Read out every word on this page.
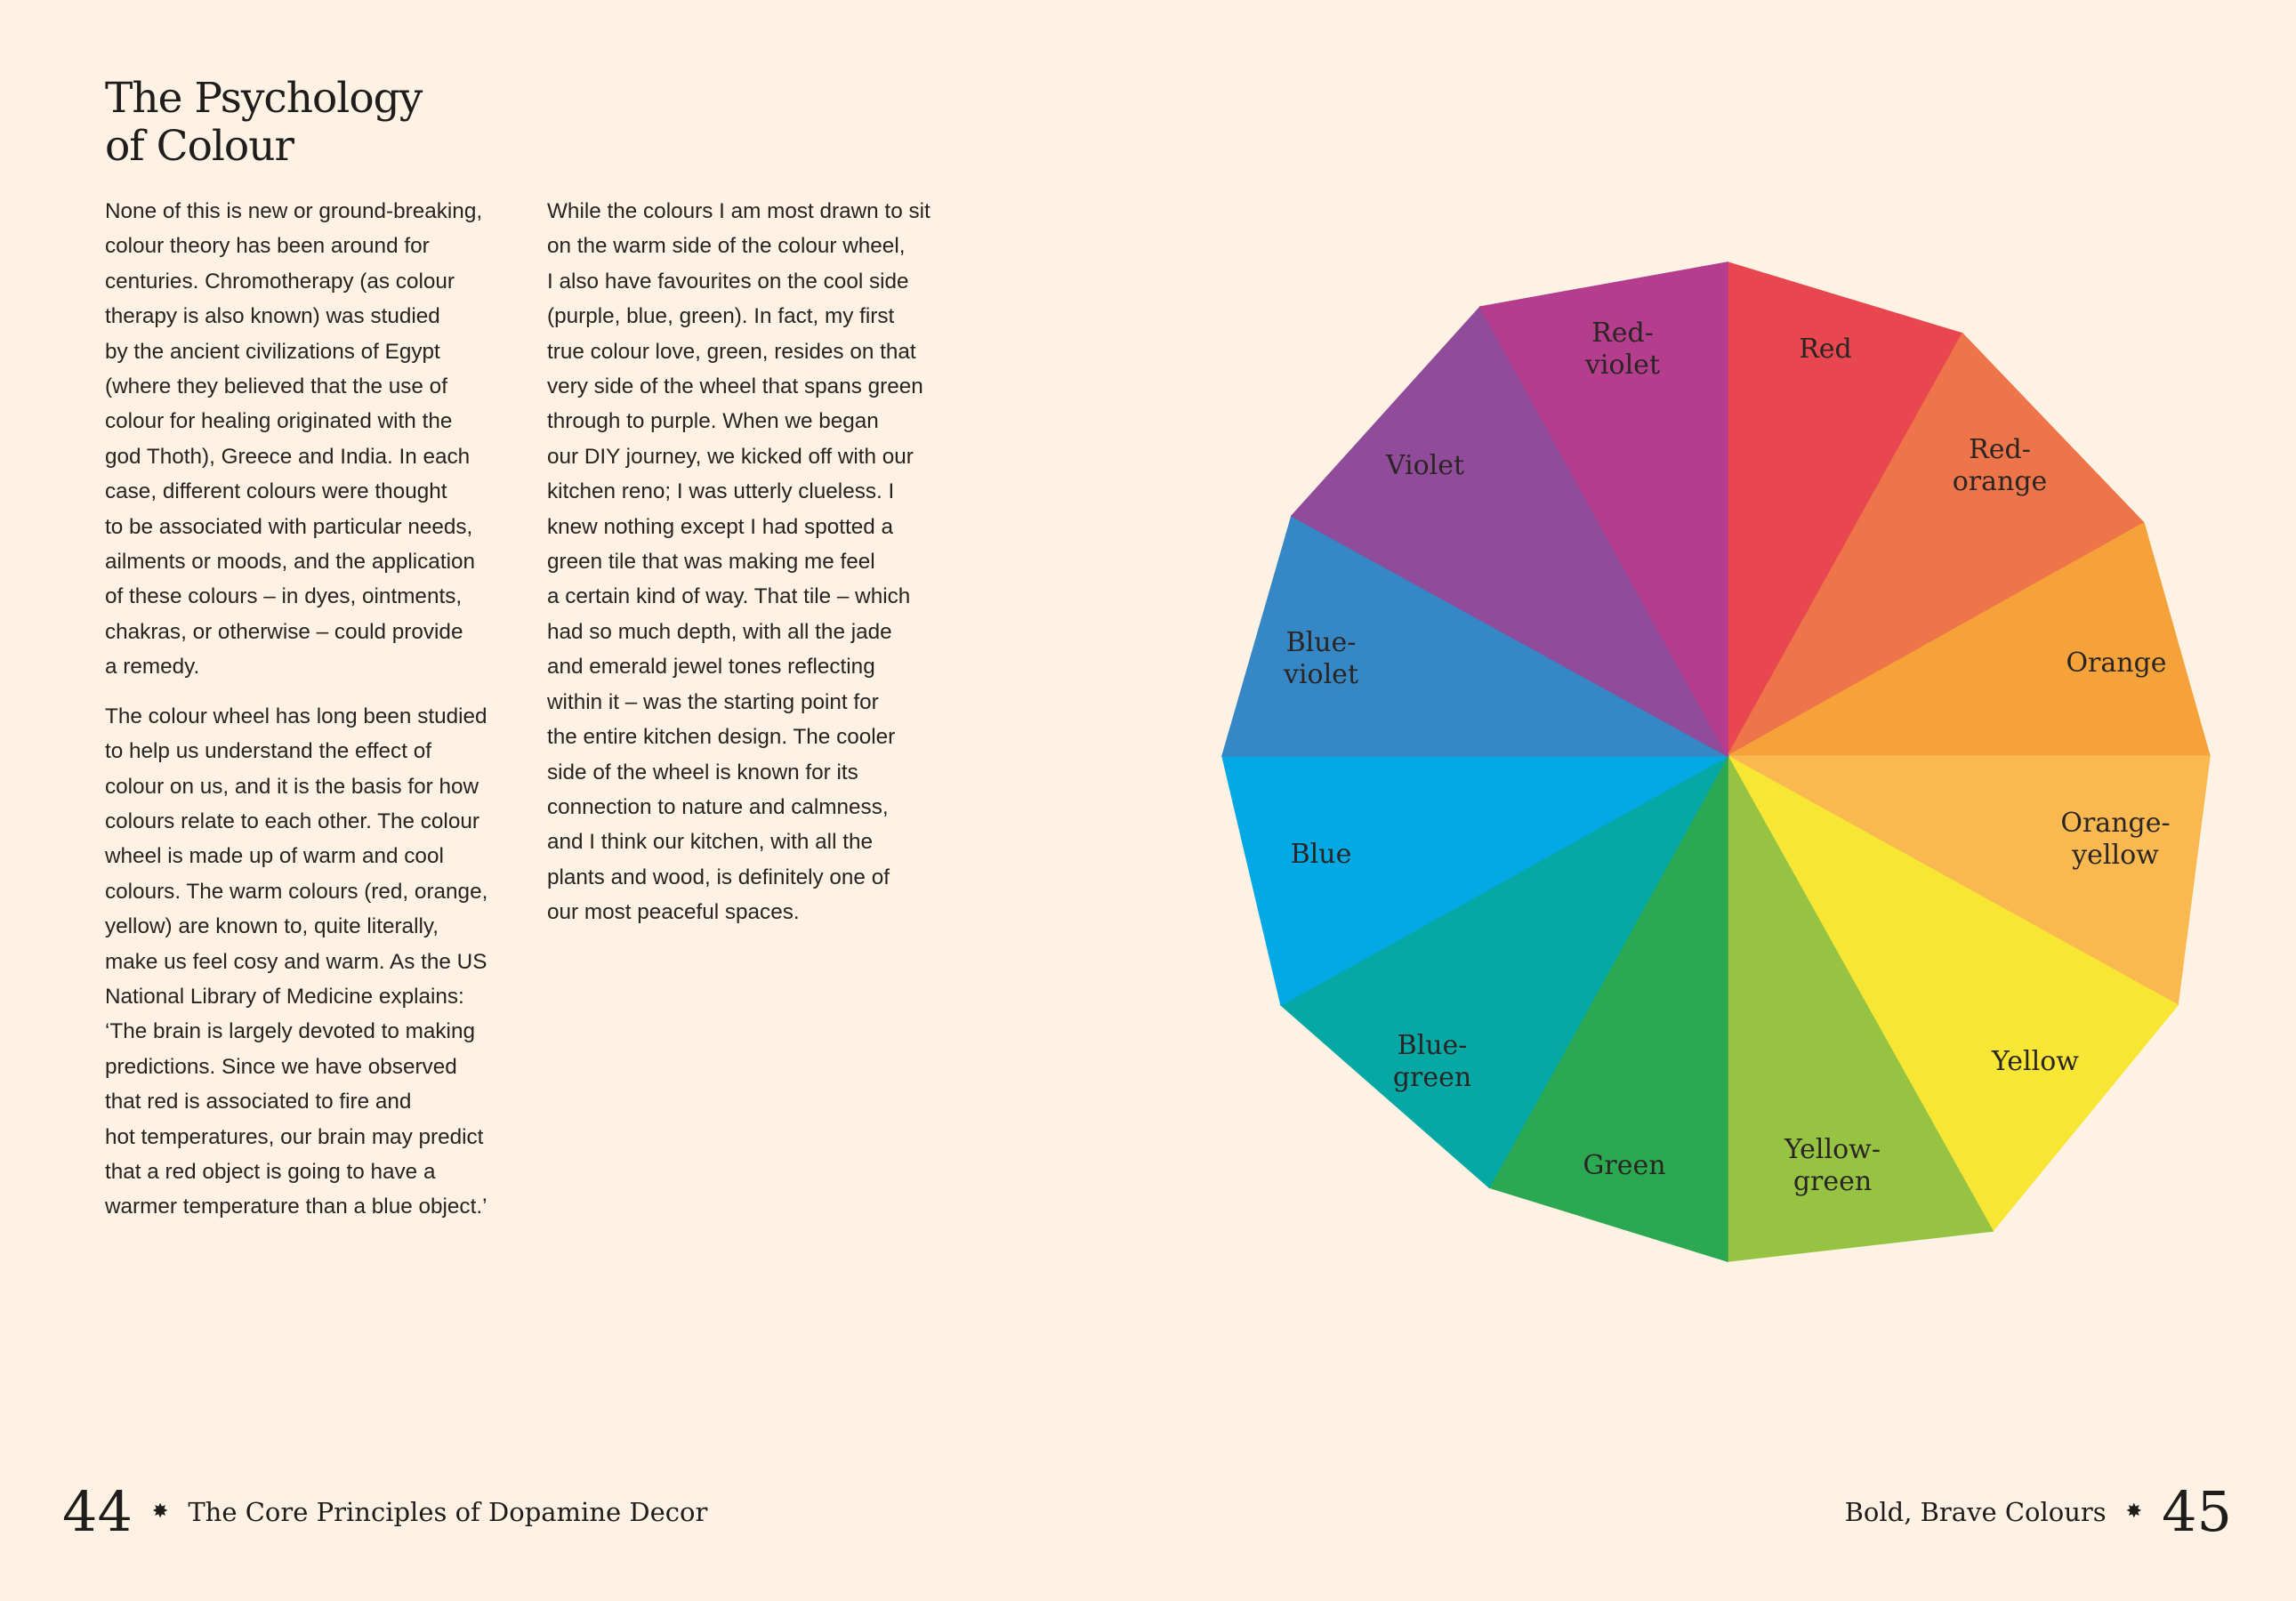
The Psychology
of Colour

None of this is new or ground-breaking,
colour theory has been around for
centuries. Chromotherapy (as colour
therapy is also known) was studied
by the ancient civilizations of Egypt
(where they believed that the use of
colour for healing originated with the
god Thoth), Greece and India. In each
case, different colours were thought
to be associated with particular needs,
ailments or moods, and the application
of these colours – in dyes, ointments,
chakras, or otherwise – could provide
a remedy.

The colour wheel has long been studied
to help us understand the effect of
colour on us, and it is the basis for how
colours relate to each other. The colour
wheel is made up of warm and cool
colours. The warm colours (red, orange,
yellow) are known to, quite literally,
make us feel cosy and warm. As the US
National Library of Medicine explains:
‘The brain is largely devoted to making
predictions. Since we have observed
that red is associated to fire and
hot temperatures, our brain may predict
that a red object is going to have a
warmer temperature than a blue object.’

While the colours I am most drawn to sit
on the warm side of the colour wheel,
I also have favourites on the cool side
(purple, blue, green). In fact, my first
true colour love, green, resides on that
very side of the wheel that spans green
through to purple. When we began
our DIY journey, we kicked off with our
kitchen reno; I was utterly clueless. I
knew nothing except I had spotted a
green tile that was making me feel
a certain kind of way. That tile – which
had so much depth, with all the jade
and emerald jewel tones reflecting
within it – was the starting point for
the entire kitchen design. The cooler
side of the wheel is known for its
connection to nature and calmness,
and I think our kitchen, with all the
plants and wood, is definitely one of
our most peaceful spaces.

Red
Red-orange
Orange
Orange-yellow
Yellow
Yellow-green
Green
Blue-green
Blue
Blue-violet
Violet
Red-violet
44 ✸ The Core Principles of Dopamine Decor	Bold, Brave Colours ✸ 45
